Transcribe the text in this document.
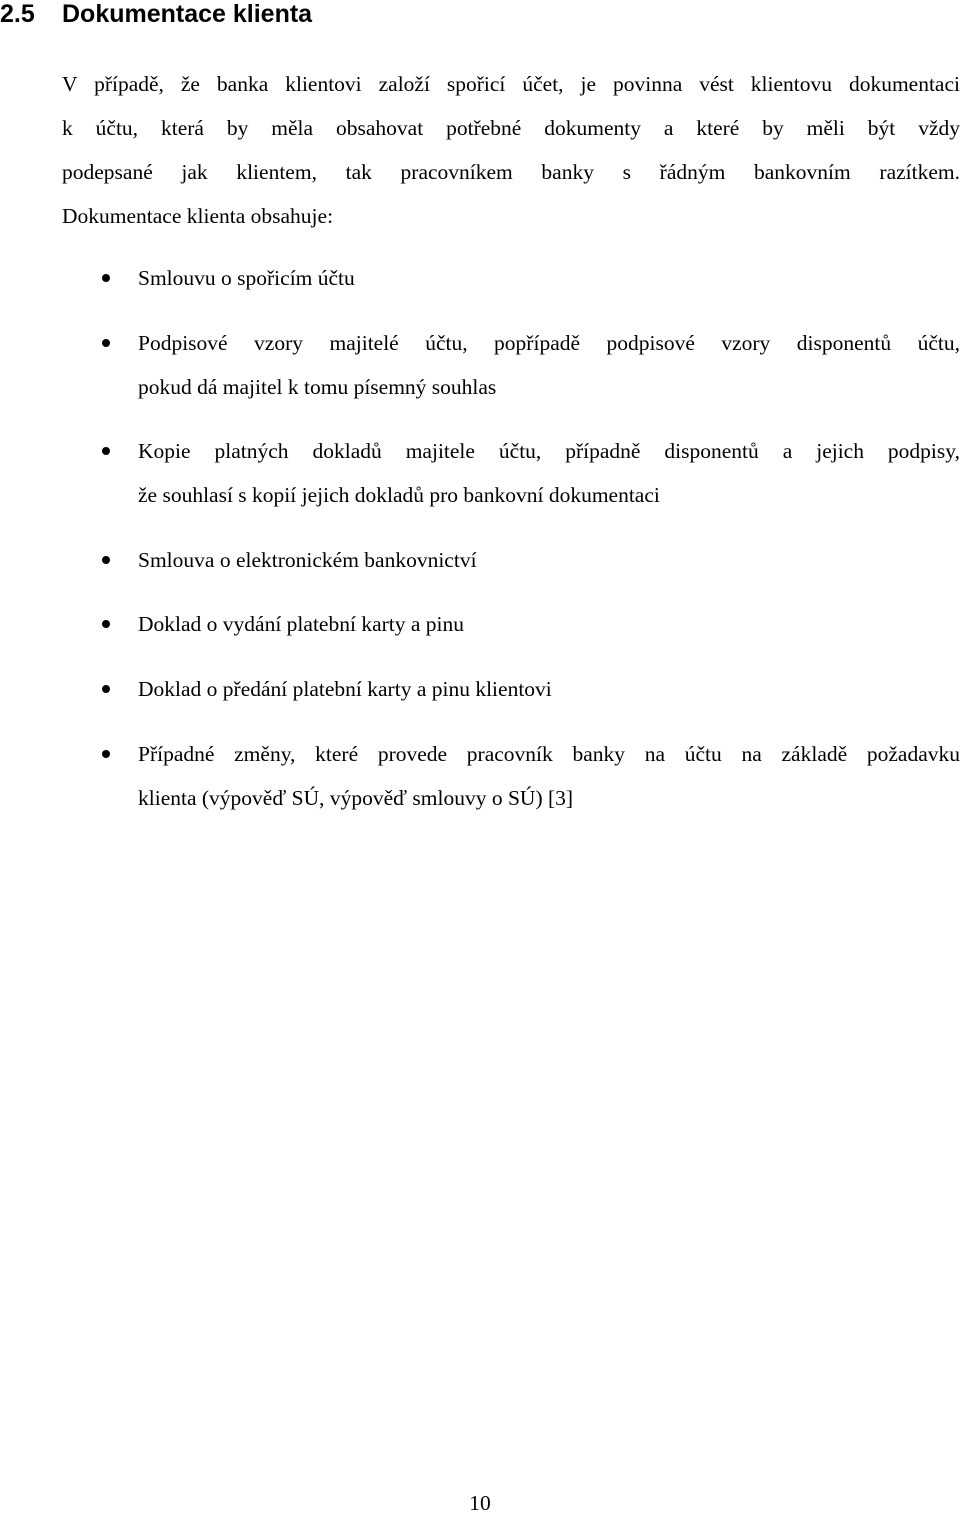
2.5 Dokumentace klienta
V případě, že banka klientovi založí spořicí účet, je povinna vést klientovu dokumentaci
k účtu, která by měla obsahovat potřebné dokumenty a které by měli být vždy
podepsané jak klientem, tak pracovníkem banky s řádným bankovním razítkem.
Dokumentace klienta obsahuje:
Smlouvu o spořicím účtu
Podpisové vzory majitelé účtu, popřípadě podpisové vzory disponentů účtu,
pokud dá majitel k tomu písemný souhlas
Kopie platných dokladů majitele účtu, případně disponentů a jejich podpisy,
že souhlasí s kopií jejich dokladů pro bankovní dokumentaci
Smlouva o elektronickém bankovnictví
Doklad o vydání platební karty a pinu
Doklad o předání platební karty a pinu klientovi
Případné změny, které provede pracovník banky na účtu na základě požadavku
klienta (výpověď SÚ, výpověď smlouvy o SÚ) [3]
10
